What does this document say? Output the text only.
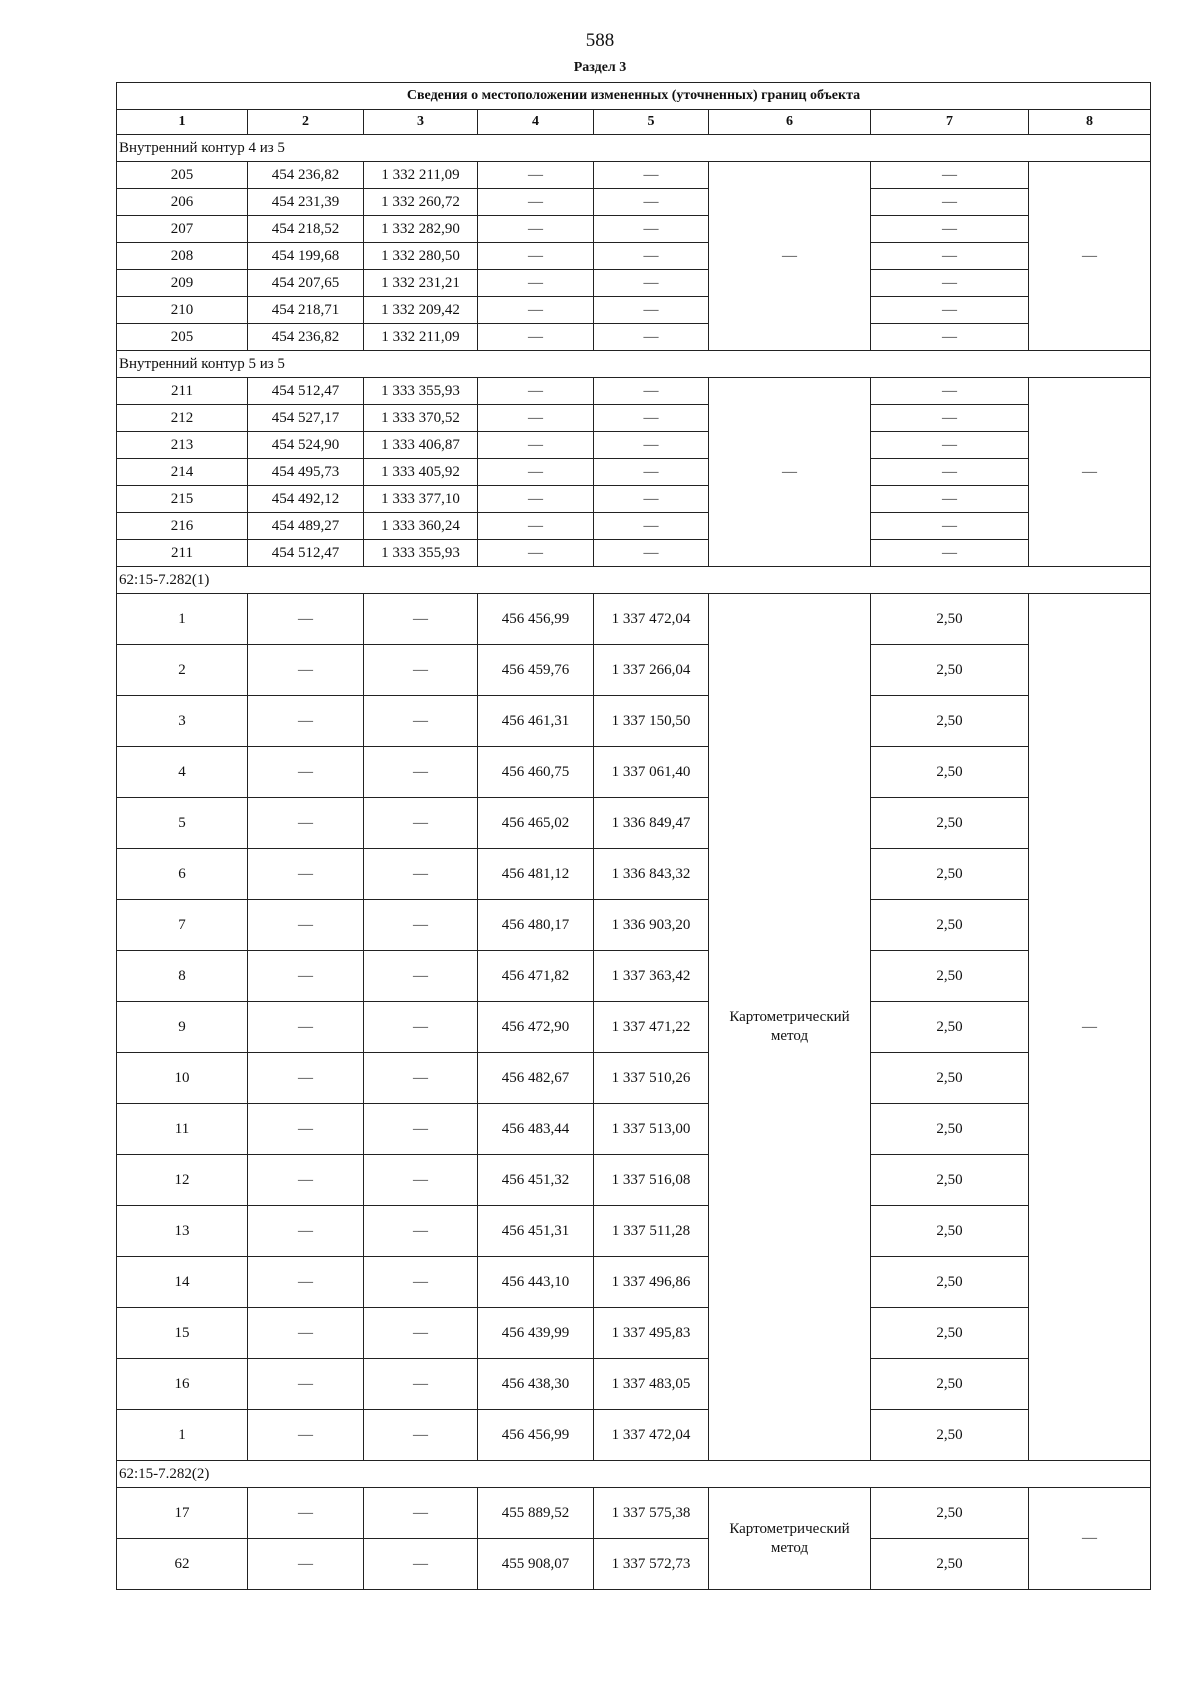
588
Раздел 3
Сведения о местоположении измененных (уточненных) границ объекта							
1	2	3	4	5	6	7	8
Внутренний контур 4 из 5							
205	454 236,82	1 332 211,09	—	—	—	—	—
206	454 231,39	1 332 260,72	—	—		—	
207	454 218,52	1 332 282,90	—	—		—	
208	454 199,68	1 332 280,50	—	—		—	
209	454 207,65	1 332 231,21	—	—		—	
210	454 218,71	1 332 209,42	—	—		—	
205	454 236,82	1 332 211,09	—	—		—	
Внутренний контур 5 из 5							
211	454 512,47	1 333 355,93	—	—	—	—	—
212	454 527,17	1 333 370,52	—	—		—	
213	454 524,90	1 333 406,87	—	—		—	
214	454 495,73	1 333 405,92	—	—		—	
215	454 492,12	1 333 377,10	—	—		—	
216	454 489,27	1 333 360,24	—	—		—	
211	454 512,47	1 333 355,93	—	—		—	
62:15-7.282(1)							
1	—	—	456 456,99	1 337 472,04	Картометрический метод	2,50	—
2	—	—	456 459,76	1 337 266,04		2,50	
3	—	—	456 461,31	1 337 150,50		2,50	
4	—	—	456 460,75	1 337 061,40		2,50	
5	—	—	456 465,02	1 336 849,47		2,50	
6	—	—	456 481,12	1 336 843,32		2,50	
7	—	—	456 480,17	1 336 903,20		2,50	
8	—	—	456 471,82	1 337 363,42		2,50	
9	—	—	456 472,90	1 337 471,22		2,50	
10	—	—	456 482,67	1 337 510,26		2,50	
11	—	—	456 483,44	1 337 513,00		2,50	
12	—	—	456 451,32	1 337 516,08		2,50	
13	—	—	456 451,31	1 337 511,28		2,50	
14	—	—	456 443,10	1 337 496,86		2,50	
15	—	—	456 439,99	1 337 495,83		2,50	
16	—	—	456 438,30	1 337 483,05		2,50	
1	—	—	456 456,99	1 337 472,04		2,50	
62:15-7.282(2)							
17	—	—	455 889,52	1 337 575,38	Картометрический метод	2,50	—
62	—	—	455 908,07	1 337 572,73		2,50	
